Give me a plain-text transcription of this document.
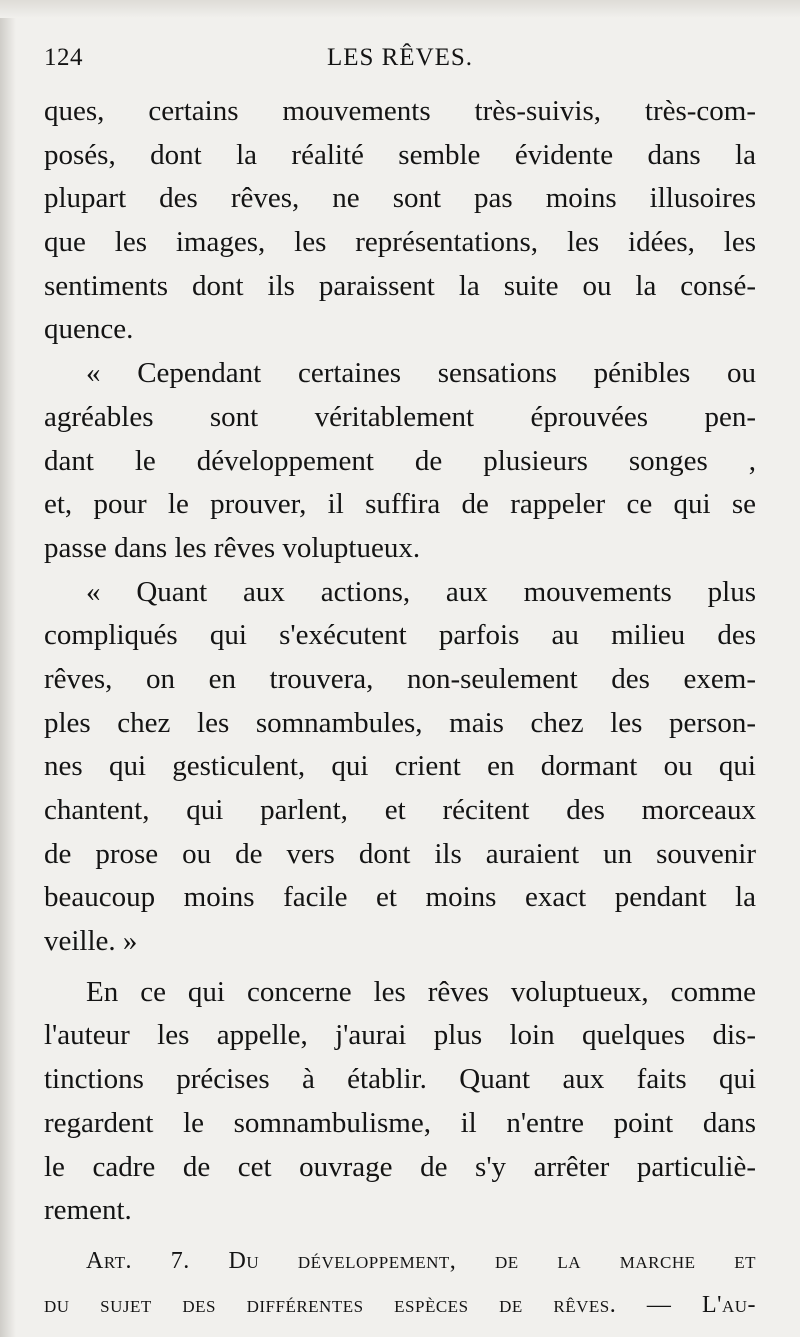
124	LES RÊVES.
ques, certains mouvements très-suivis, très-com-
posés, dont la réalité semble évidente dans la
plupart des rêves, ne sont pas moins illusoires
que les images, les représentations, les idées, les
sentiments dont ils paraissent la suite ou la consé-
quence.
« Cependant certaines sensations pénibles ou
agréables sont véritablement éprouvées pen-
dant le développement de plusieurs songes ,
et, pour le prouver, il suffira de rappeler ce qui se
passe dans les rêves voluptueux.
« Quant aux actions, aux mouvements plus
compliqués qui s'exécutent parfois au milieu des
rêves, on en trouvera, non-seulement des exem-
ples chez les somnambules, mais chez les person-
nes qui gesticulent, qui crient en dormant ou qui
chantent, qui parlent, et récitent des morceaux
de prose ou de vers dont ils auraient un souvenir
beaucoup moins facile et moins exact pendant la
veille. »
En ce qui concerne les rêves voluptueux, comme
l'auteur les appelle, j'aurai plus loin quelques dis-
tinctions précises à établir. Quant aux faits qui
regardent le somnambulisme, il n'entre point dans
le cadre de cet ouvrage de s'y arrêter particuliè-
rement.
Art. 7. Du développement, de la marche et
du sujet des différentes espèces de rêves. — L'au-
